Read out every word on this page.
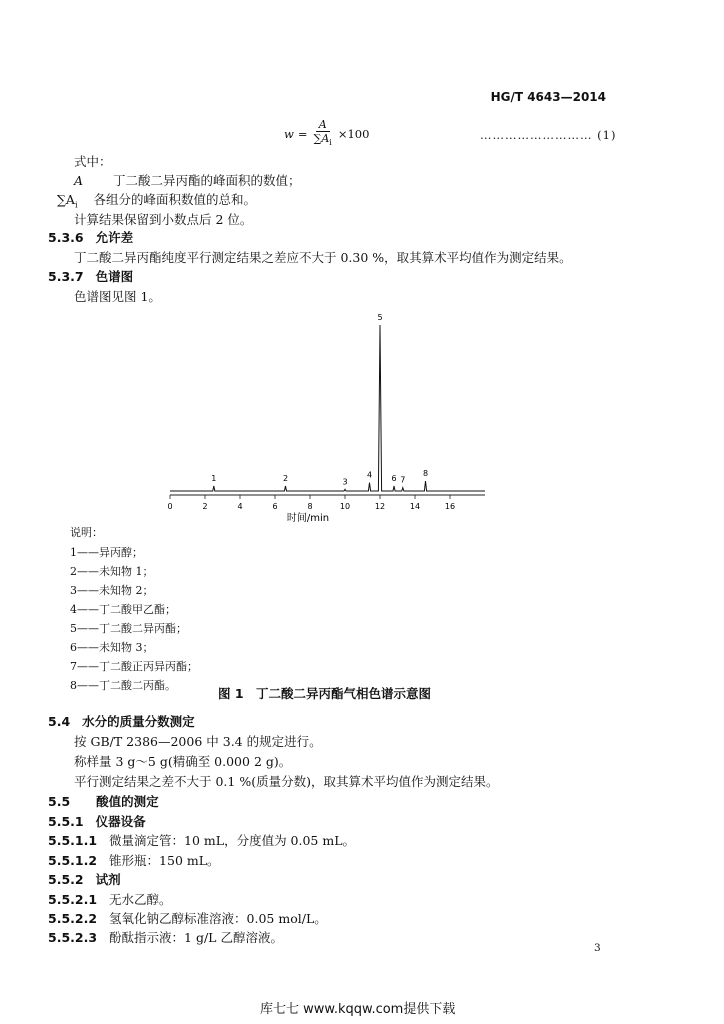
HG/T 4643—2014
$w = \frac{A}{\sum A_i} \times 100$	……………………… (1)
式中：
A 丁二酸二异丙酯的峰面积的数值；
$\sum A_i$ 各组分的峰面积数值的总和。
计算结果保留到小数点后 2 位。
5.3.6 允许差
丁二酸二异丙酯纯度平行测定结果之差应不大于 0.30 %，取其算术平均值作为测定结果。
5.3.7 色谱图
色谱图见图 1。
0	2	4	6	8	10	12	14	16
1	2	3
4
5
6 7
8
时间/min
说明：
1——异丙醇；
2——未知物 1；
3——未知物 2；
4——丁二酸甲乙酯；
5——丁二酸二异丙酯；
6——未知物 3；
7——丁二酸正丙异丙酯；
8——丁二酸二丙酯。
图 1　丁二酸二异丙酯气相色谱示意图
5.4 水分的质量分数测定
按 GB/T 2386—2006 中 3.4 的规定进行。
称样量 3 g～5 g(精确至 0.000 2 g)。
平行测定结果之差不大于 0.1 %(质量分数)，取其算术平均值作为测定结果。
5.5 酸值的测定
5.5.1 仪器设备
5.5.1.1 微量滴定管：10 mL，分度值为 0.05 mL。
5.5.1.2 锥形瓶：150 mL。
5.5.2 试剂
5.5.2.1 无水乙醇。
5.5.2.2 氢氧化钠乙醇标准溶液：0.05 mol/L。
5.5.2.3 酚酞指示液：1 g/L 乙醇溶液。
3
库七七 www.kqqw.com提供下载
